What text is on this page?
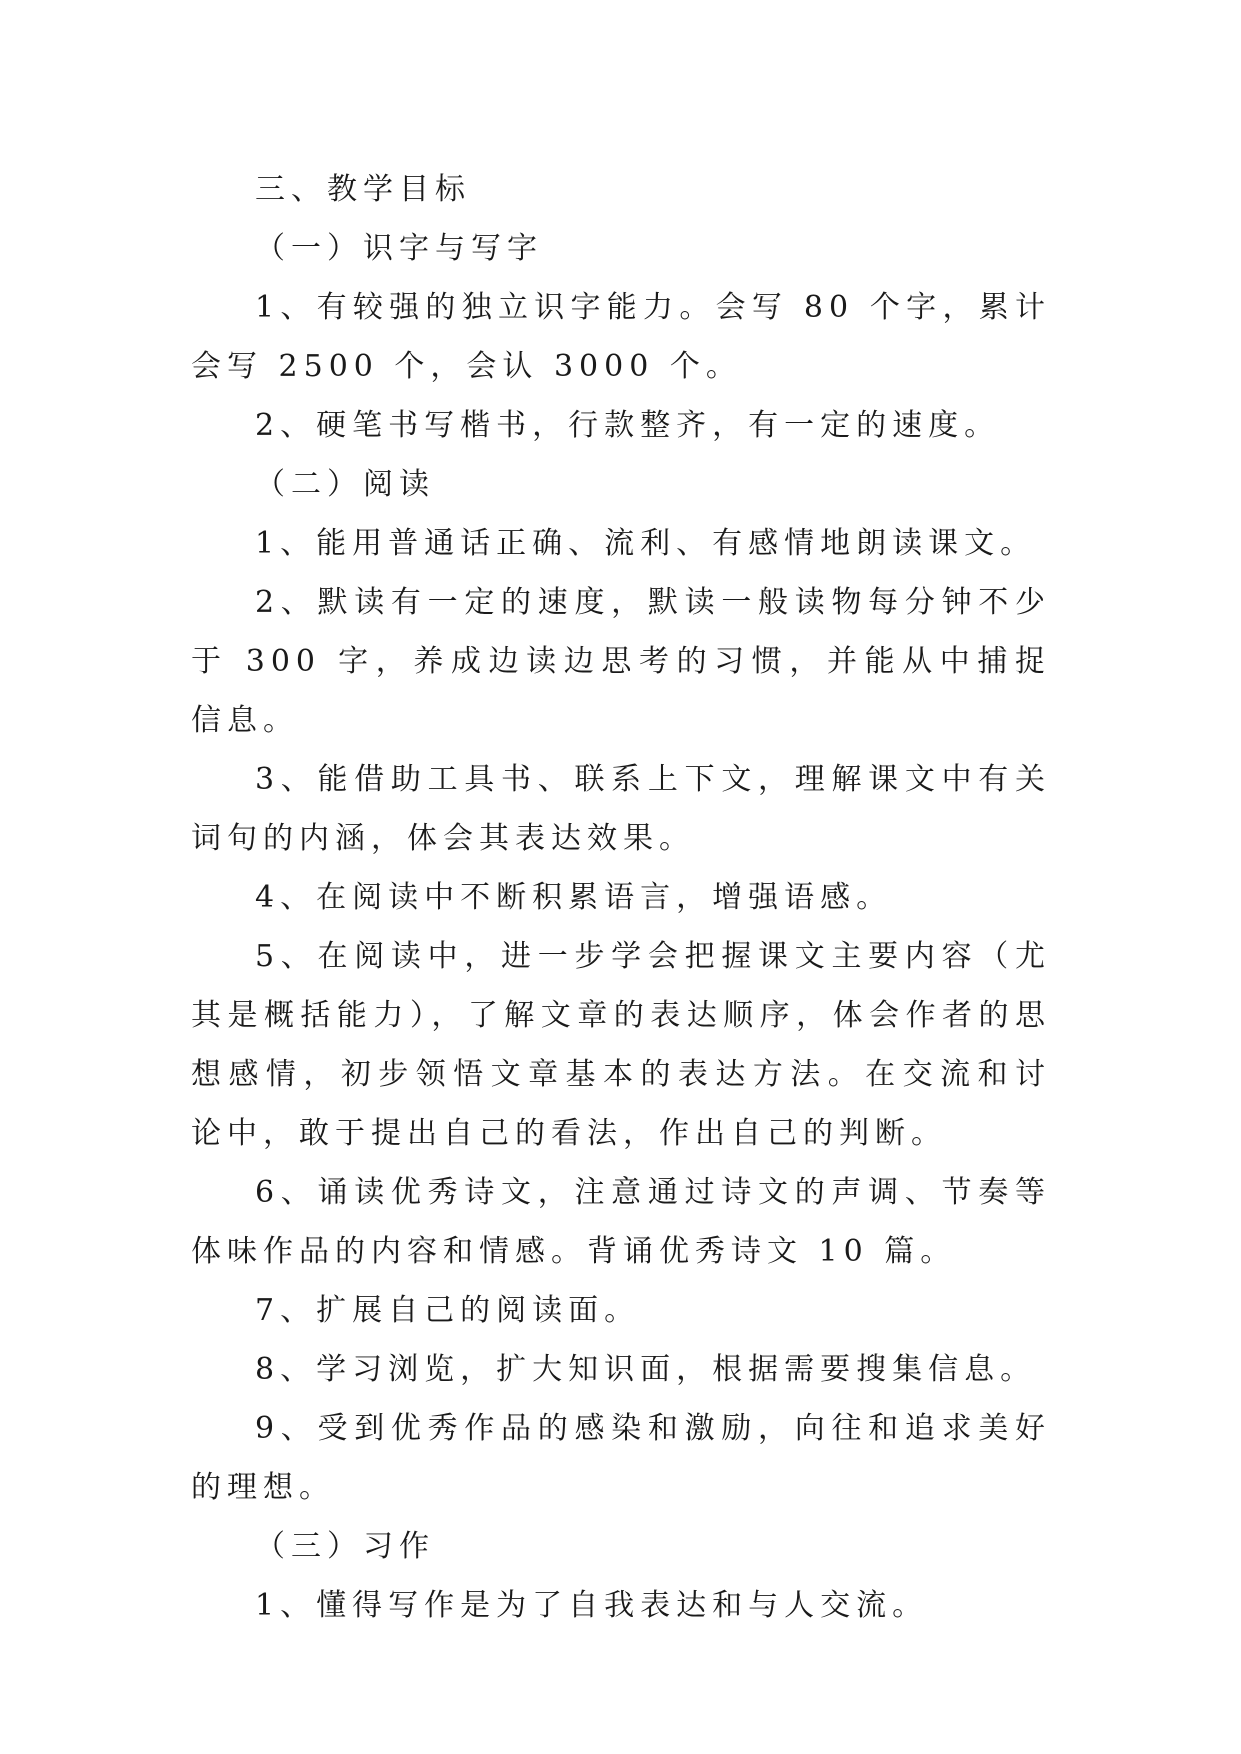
三、教学目标

（一）识字与写字

1、有较强的独立识字能力。会写 80 个字，累计会写 2500 个，会认 3000 个。

2、硬笔书写楷书，行款整齐，有一定的速度。

（二）阅读

1、能用普通话正确、流利、有感情地朗读课文。

2、默读有一定的速度，默读一般读物每分钟不少于 300 字，养成边读边思考的习惯，并能从中捕捉信息。

3、能借助工具书、联系上下文，理解课文中有关词句的内涵，体会其表达效果。

4、在阅读中不断积累语言，增强语感。

5、在阅读中，进一步学会把握课文主要内容（尤其是概括能力），了解文章的表达顺序，体会作者的思想感情，初步领悟文章基本的表达方法。在交流和讨论中，敢于提出自己的看法，作出自己的判断。

6、诵读优秀诗文，注意通过诗文的声调、节奏等体味作品的内容和情感。背诵优秀诗文 10 篇。

7、扩展自己的阅读面。

8、学习浏览，扩大知识面，根据需要搜集信息。

9、受到优秀作品的感染和激励，向往和追求美好的理想。

（三）习作

1、懂得写作是为了自我表达和与人交流。
